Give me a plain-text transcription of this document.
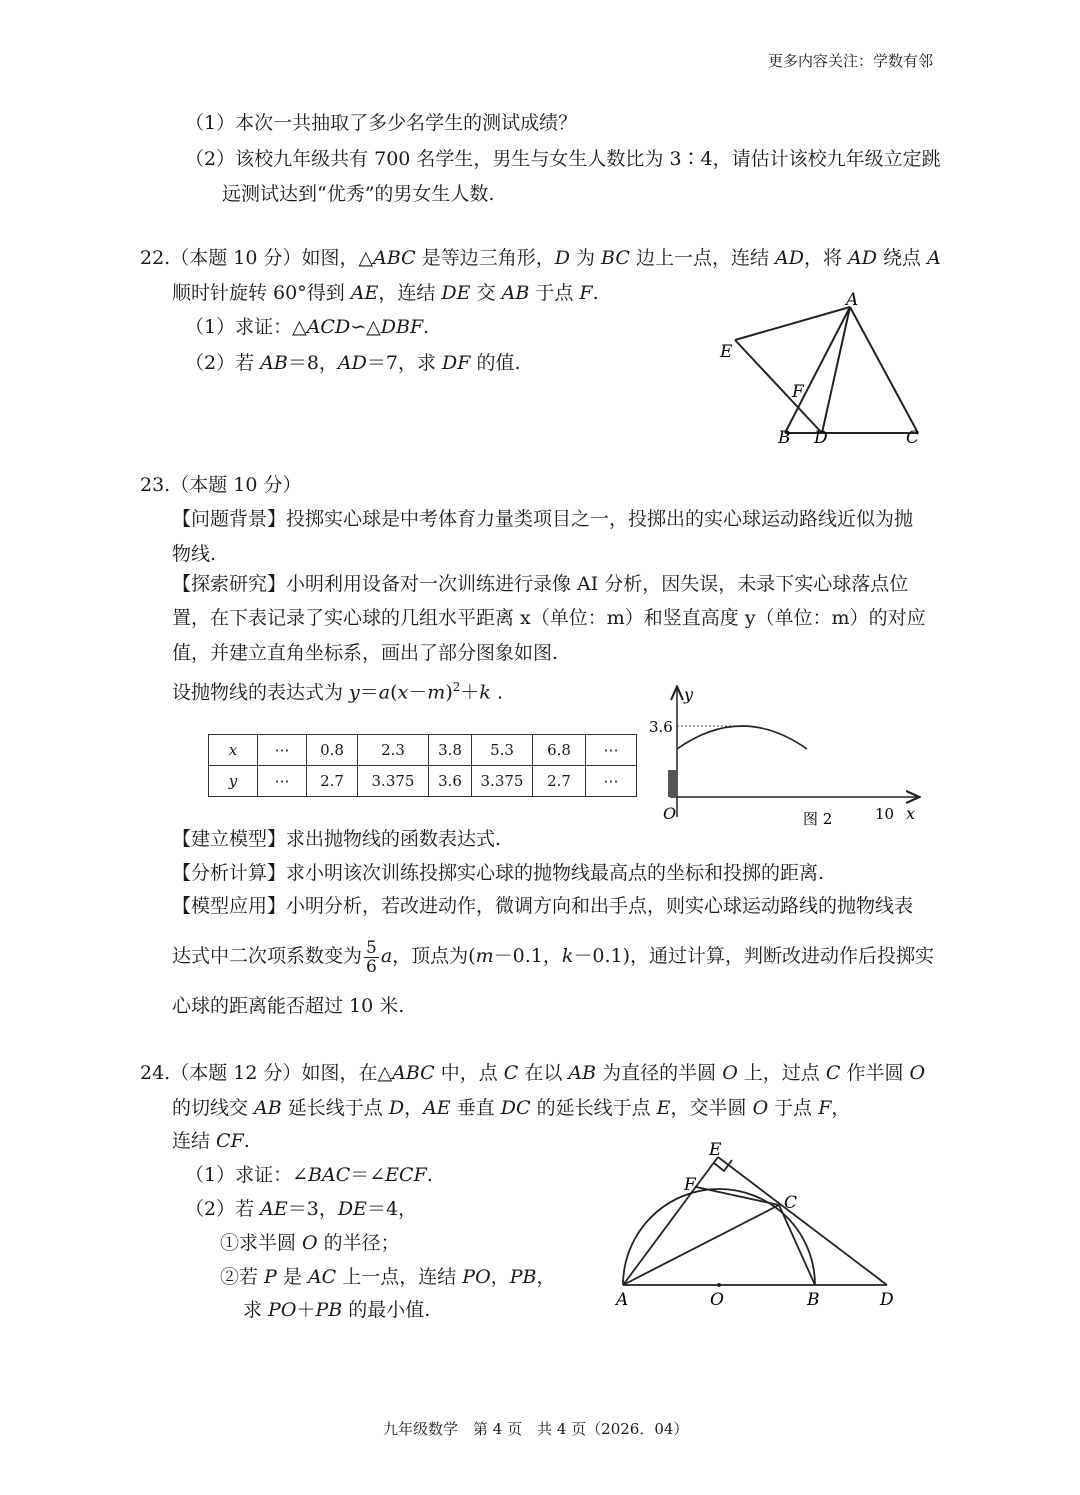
更多内容关注：学数有邻
（1）本次一共抽取了多少名学生的测试成绩？
（2）该校九年级共有 700 名学生，男生与女生人数比为 3∶4，请估计该校九年级立定跳
远测试达到“优秀”的男女生人数.
22.（本题 10 分）如图，△ABC 是等边三角形，D 为 BC 边上一点，连结 AD，将 AD 绕点 A
顺时针旋转 60°得到 AE，连结 DE 交 AB 于点 F.
（1）求证：△ACD∽△DBF.
（2）若 AB＝8，AD＝7，求 DF 的值.
A
B D	C
E
F
23.（本题 10 分）
【问题背景】投掷实心球是中考体育力量类项目之一，投掷出的实心球运动路线近似为抛
物线.
【探索研究】小明利用设备对一次训练进行录像 AI 分析，因失误，未录下实心球落点位
置，在下表记录了实心球的几组水平距离 x（单位：m）和竖直高度 y（单位：m）的对应
值，并建立直角坐标系，画出了部分图象如图.
设抛物线的表达式为 $y=a(x-m)^2+k$ .
x	⋯	0.8	2.3	3.8	5.3	6.8	⋯
y	⋯	2.7	3.375	3.6	3.375	2.7	⋯
y
3.6
O	图 2	10 x
【建立模型】求出抛物线的函数表达式.
【分析计算】求小明该次训练投掷实心球的抛物线最高点的坐标和投掷的距离.
【模型应用】小明分析，若改进动作，微调方向和出手点，则实心球运动路线的抛物线表
达式中二次项系数变为 $\frac{5}{6}$ a，顶点为(m－0.1，k－0.1)，通过计算，判断改进动作后投掷实
心球的距离能否超过 10 米.
24.（本题 12 分）如图，在△ABC 中，点 C 在以 AB 为直径的半圆 O 上，过点 C 作半圆 O
的切线交 AB 延长线于点 D，AE 垂直 DC 的延长线于点 E，交半圆 O 于点 F，
连结 CF.
（1）求证：∠BAC＝∠ECF.
（2）若 AE＝3，DE＝4，
①求半圆 O 的半径；
②若 P 是 AC 上一点，连结 PO，PB，
求 PO＋PB 的最小值.	A	O	B	D
C
E
F
九年级数学　第 4 页　共 4 页（2026．04）
